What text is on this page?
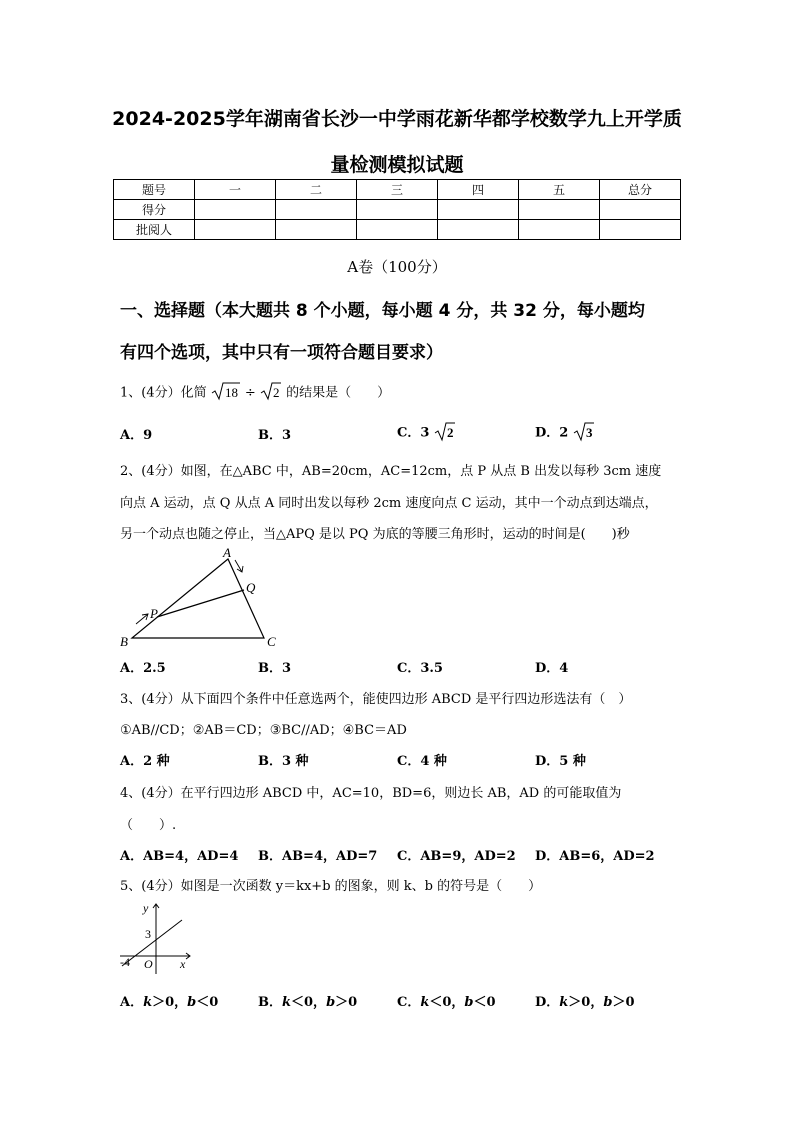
2024-2025学年湖南省长沙一中学雨花新华都学校数学九上开学质
量检测模拟试题
题号	一	二	三	四	五	总分
得分						
批阅人						
A卷（100分）
一、选择题（本大题共 8 个小题，每小题 4 分，共 32 分，每小题均
有四个选项，其中只有一项符合题目要求）
1、(4分）化简 18 ÷ 2 的结果是（　　）
A．9	B．3	C．3 2	D．2 3
2、(4分）如图，在△ABC 中，AB=20cm，AC=12cm，点 P 从点 B 出发以每秒 3cm 速度
向点 A 运动，点 Q 从点 A 同时出发以每秒 2cm 速度向点 C 运动，其中一个动点到达端点，
另一个动点也随之停止，当△APQ 是以 PQ 为底的等腰三角形时，运动的时间是(　　)秒
A
B	C
P
Q
A．2.5	B．3	C．3.5	D．4
3、(4分）从下面四个条件中任意选两个，能使四边形 ABCD 是平行四边形选法有（　）
①AB//CD；②AB＝CD；③BC//AD；④BC＝AD
A．2 种	B．3 种	C．4 种	D．5 种
4、(4分）在平行四边形 ABCD 中，AC=10，BD=6，则边长 AB，AD 的可能取值为
（　　）.
A．AB=4，AD=4 B．AB=4，AD=7 C．AB=9，AD=2 D．AB=6，AD=2
5、(4分）如图是一次函数 y＝kx+b 的图象，则 k、b 的符号是（　　）
y
x
O
3
-4
A．k＞0，b＜0	B．k＜0，b＞0	C．k＜0，b＜0	D．k＞0，b＞0
